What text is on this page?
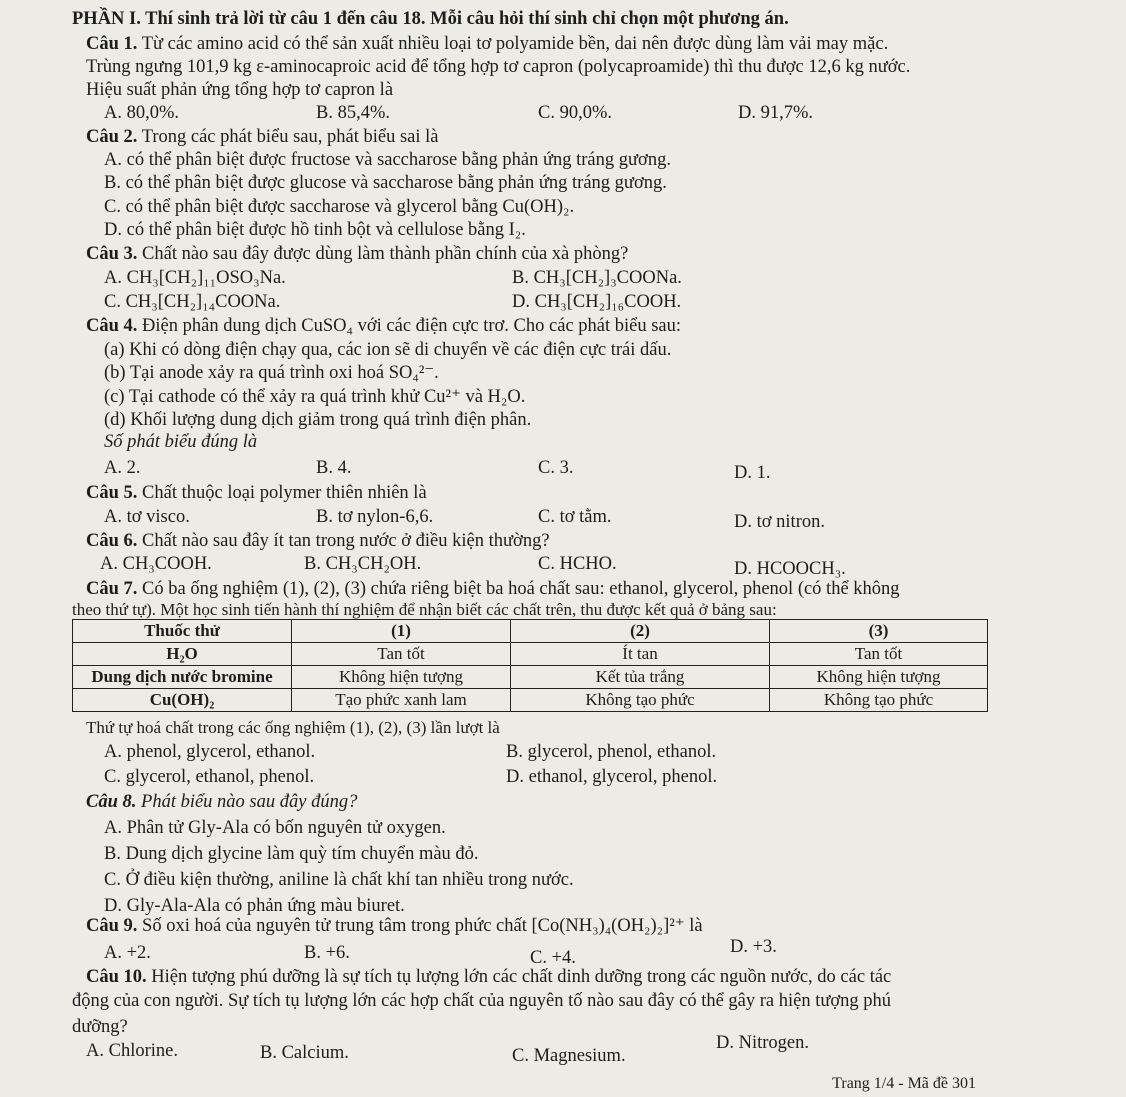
PHẦN I. Thí sinh trả lời từ câu 1 đến câu 18. Mỗi câu hỏi thí sinh chỉ chọn một phương án.
Câu 1. Từ các amino acid có thể sản xuất nhiều loại tơ polyamide bền, dai nên được dùng làm vải may mặc.
Trùng ngưng 101,9 kg ε-aminocaproic acid để tổng hợp tơ capron (polycaproamide) thì thu được 12,6 kg nước.
Hiệu suất phản ứng tổng hợp tơ capron là
A. 80,0%.	B. 85,4%.	C. 90,0%.	D. 91,7%.
Câu 2. Trong các phát biểu sau, phát biểu sai là
A. có thể phân biệt được fructose và saccharose bằng phản ứng tráng gương.
B. có thể phân biệt được glucose và saccharose bằng phản ứng tráng gương.
C. có thể phân biệt được saccharose và glycerol bằng Cu(OH)₂.
D. có thể phân biệt được hồ tinh bột và cellulose bằng I₂.
Câu 3. Chất nào sau đây được dùng làm thành phần chính của xà phòng?
A. CH₃[CH₂]₁₁OSO₃Na.	B. CH₃[CH₂]₃COONa.
C. CH₃[CH₂]₁₄COONa.	D. CH₃[CH₂]₁₆COOH.
Câu 4. Điện phân dung dịch CuSO₄ với các điện cực trơ. Cho các phát biểu sau:
(a) Khi có dòng điện chạy qua, các ion sẽ di chuyển về các điện cực trái dấu.
(b) Tại anode xảy ra quá trình oxi hoá SO₄²⁻.
(c) Tại cathode có thể xảy ra quá trình khử Cu²⁺ và H₂O.
(d) Khối lượng dung dịch giảm trong quá trình điện phân.
Số phát biểu đúng là
A. 2.	B. 4.	C. 3.	D. 1.
Câu 5. Chất thuộc loại polymer thiên nhiên là
A. tơ visco.	B. tơ nylon-6,6.	C. tơ tằm.	D. tơ nitron.
Câu 6. Chất nào sau đây ít tan trong nước ở điều kiện thường?
A. CH₃COOH.	B. CH₃CH₂OH.	C. HCHO.	D. HCOOCH₃.
Câu 7. Có ba ống nghiệm (1), (2), (3) chứa riêng biệt ba hoá chất sau: ethanol, glycerol, phenol (có thể không
theo thứ tự). Một học sinh tiến hành thí nghiệm để nhận biết các chất trên, thu được kết quả ở bảng sau:
Thuốc thử	(1)	(2)	(3)
H₂O	Tan tốt	Ít tan	Tan tốt
Dung dịch nước bromine	Không hiện tượng	Kết tủa trắng	Không hiện tượng
Cu(OH)₂	Tạo phức xanh lam	Không tạo phức	Không tạo phức
Thứ tự hoá chất trong các ống nghiệm (1), (2), (3) lần lượt là
A. phenol, glycerol, ethanol.	B. glycerol, phenol, ethanol.
C. glycerol, ethanol, phenol.	D. ethanol, glycerol, phenol.
Câu 8. Phát biểu nào sau đây đúng?
A. Phân tử Gly-Ala có bốn nguyên tử oxygen.
B. Dung dịch glycine làm quỳ tím chuyển màu đỏ.
C. Ở điều kiện thường, aniline là chất khí tan nhiều trong nước.
D. Gly-Ala-Ala có phản ứng màu biuret.
Câu 9. Số oxi hoá của nguyên tử trung tâm trong phức chất [Co(NH₃)₄(OH₂)₂]²⁺ là
A. +2.	B. +6.	C. +4.
D. +3.
Câu 10. Hiện tượng phú dưỡng là sự tích tụ lượng lớn các chất dinh dưỡng trong các nguồn nước, do các tác
động của con người. Sự tích tụ lượng lớn các hợp chất của nguyên tố nào sau đây có thể gây ra hiện tượng phú
dưỡng?
A. Chlorine.	B. Calcium.	C. Magnesium.
D. Nitrogen.
Trang 1/4 - Mã đề 301
